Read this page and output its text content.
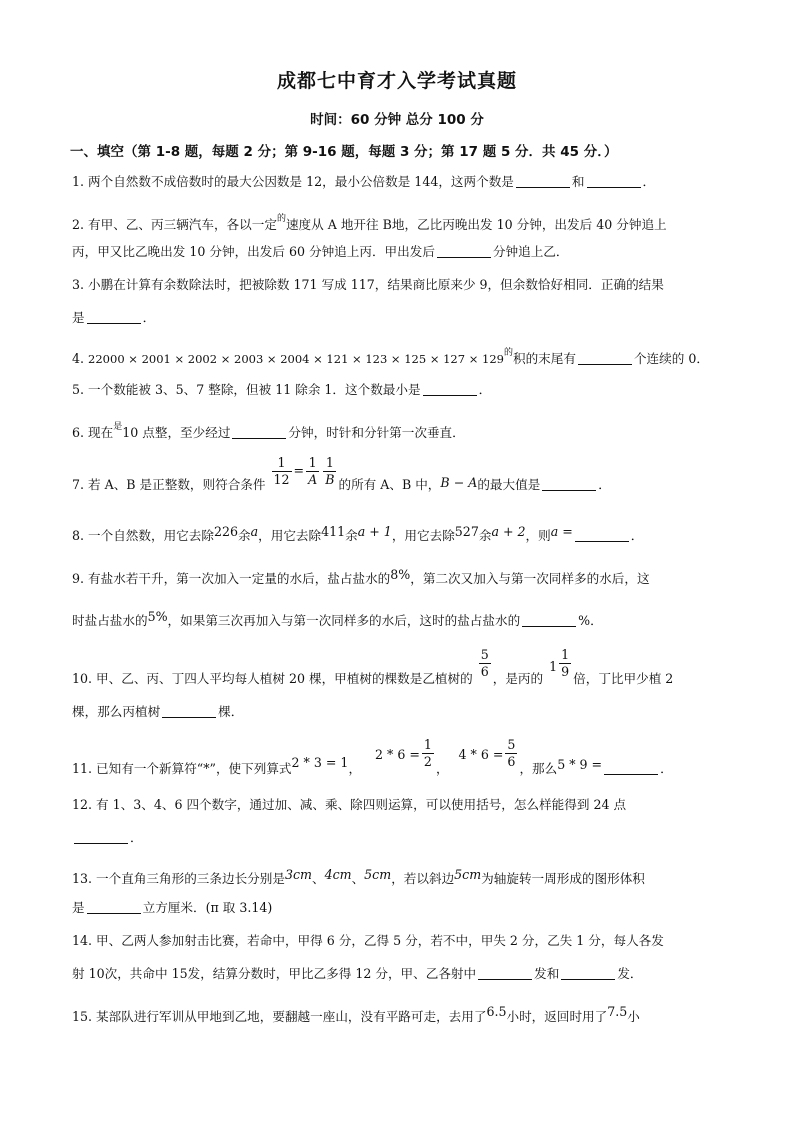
成都七中育才入学考试真题
时间：60 分钟 总分 100 分
一、填空（第 1-8 题，每题 2 分；第 9-16 题，每题 3 分；第 17 题 5 分．共 45 分．）
1. 两个自然数不成倍数时的最大公因数是 12，最小公倍数是 144，这两个数是	和	．
2. 有甲、乙、丙三辆汽车，各以一定$^的$速度从 A 地开往 B地，乙比丙晚出发 10 分钟，出发后 40 分钟追上
丙，甲又比乙晚出发 10 分钟，出发后 60 分钟追上丙．甲出发后	分钟追上乙．
3. 小鹏在计算有余数除法时，把被除数 171 写成 117，结果商比原来少 9，但余数恰好相同．正确的结果
是	．
4. $22000 \times 2001 \times 2002 \times 2003 \times 2004 \times 121 \times 123 \times 125 \times 127 \times 129^的$积的末尾有	个连续的 0．
5. 一个数能被 3、5、7 整除，但被 11 除余 1．这个数最小是	．
6. 现在$^是$10 点整，至少经过	分钟，时针和分针第一次垂直．
7. 若 A、B 是正整数，则符合条件 $\frac{1}{12} = \frac{1}{A} \frac{1}{B}$ 的所有 A、B 中，B − A的最大值是	．
8. 一个自然数，用它去除226余a，用它去除411余a + 1，用它去除527余a + 2，则a =	．
9. 有盐水若干升，第一次加入一定量的水后，盐占盐水的8%，第二次又加入与第一次同样多的水后，这
时盐占盐水的5%，如果第三次再加入与第一次同样多的水后，这时的盐占盐水的	%．
10. 甲、乙、丙、丁四人平均每人植树 20 棵，甲植树的棵数是乙植树的 $\frac{5}{6}$ ，是丙的$1 \frac{1}{9}$ 倍，丁比甲少植 2
棵，那么丙植树	棵．
11. 已知有一个新算符“*”，使下列算式2 * 3 = 1，$2 * 6 = \frac{1}{2}$ ，$4 * 6 = \frac{5}{6}$ ，那么5 * 9 =	．
12. 有 1、3、4、6 四个数字，通过加、减、乘、除四则运算，可以使用括号，怎么样能得到 24 点
．
13. 一个直角三角形的三条边长分别是3cm、4cm、5cm，若以斜边5cm为轴旋转一周形成的图形体积
是	立方厘米．(π 取 3.14)
14. 甲、乙两人参加射击比赛，若命中，甲得 6 分，乙得 5 分，若不中，甲失 2 分，乙失 1 分，每人各发
射 10次，共命中 15发，结算分数时，甲比乙多得 12 分，甲、乙各射中	发和	发．
15. 某部队进行军训从甲地到乙地，要翻越一座山，没有平路可走，去用了6.5小时，返回时用了7.5小
